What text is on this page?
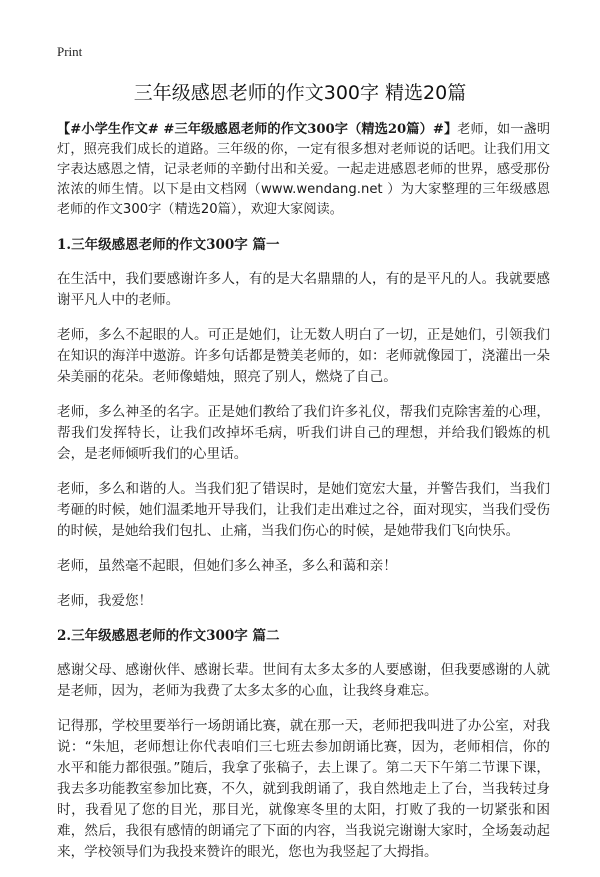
Print
三年级感恩老师的作文300字 精选20篇

【#小学生作文# #三年级感恩老师的作文300字（精选20篇）#】老师，如一盏明灯，照亮我们成长的道路。三年级的你，一定有很多想对老师说的话吧。让我们用文字表达感恩之情，记录老师的辛勤付出和关爱。一起走进感恩老师的世界，感受那份浓浓的师生情。以下是由文档网（www.wendang.net ）为大家整理的三年级感恩老师的作文300字（精选20篇），欢迎大家阅读。

1.三年级感恩老师的作文300字 篇一

在生活中，我们要感谢许多人，有的是大名鼎鼎的人，有的是平凡的人。我就要感谢平凡人中的老师。

老师，多么不起眼的人。可正是她们，让无数人明白了一切，正是她们，引领我们在知识的海洋中遨游。许多句话都是赞美老师的，如：老师就像园丁，浇灌出一朵朵美丽的花朵。老师像蜡烛，照亮了别人，燃烧了自己。

老师，多么神圣的名字。正是她们教给了我们许多礼仪，帮我们克除害羞的心理，帮我们发挥特长，让我们改掉坏毛病，听我们讲自己的理想，并给我们锻炼的机会，是老师倾听我们的心里话。

老师，多么和谐的人。当我们犯了错误时，是她们宽宏大量，并警告我们，当我们考砸的时候，她们温柔地开导我们，让我们走出难过之谷，面对现实，当我们受伤的时候，是她给我们包扎、止痛，当我们伤心的时候，是她带我们飞向快乐。

老师，虽然毫不起眼，但她们多么神圣，多么和蔼和亲！

老师，我爱您！

2.三年级感恩老师的作文300字 篇二

感谢父母、感谢伙伴、感谢长辈。世间有太多太多的人要感谢，但我要感谢的人就是老师，因为，老师为我费了太多太多的心血，让我终身难忘。

记得那，学校里要举行一场朗诵比赛，就在那一天，老师把我叫进了办公室，对我说：“朱旭，老师想让你代表咱们三七班去参加朗诵比赛，因为，老师相信，你的水平和能力都很强。”随后，我拿了张稿子，去上课了。第二天下午第二节课下课，我去多功能教室参加比赛，不久，就到我朗诵了，我自然地走上了台，当我转过身时，我看见了您的目光，那目光，就像寒冬里的太阳，打败了我的一切紧张和困难，然后，我很有感情的朗诵完了下面的内容，当我说完谢谢大家时，全场轰动起来，学校领导们为我投来赞许的眼光，您也为我竖起了大拇指。
